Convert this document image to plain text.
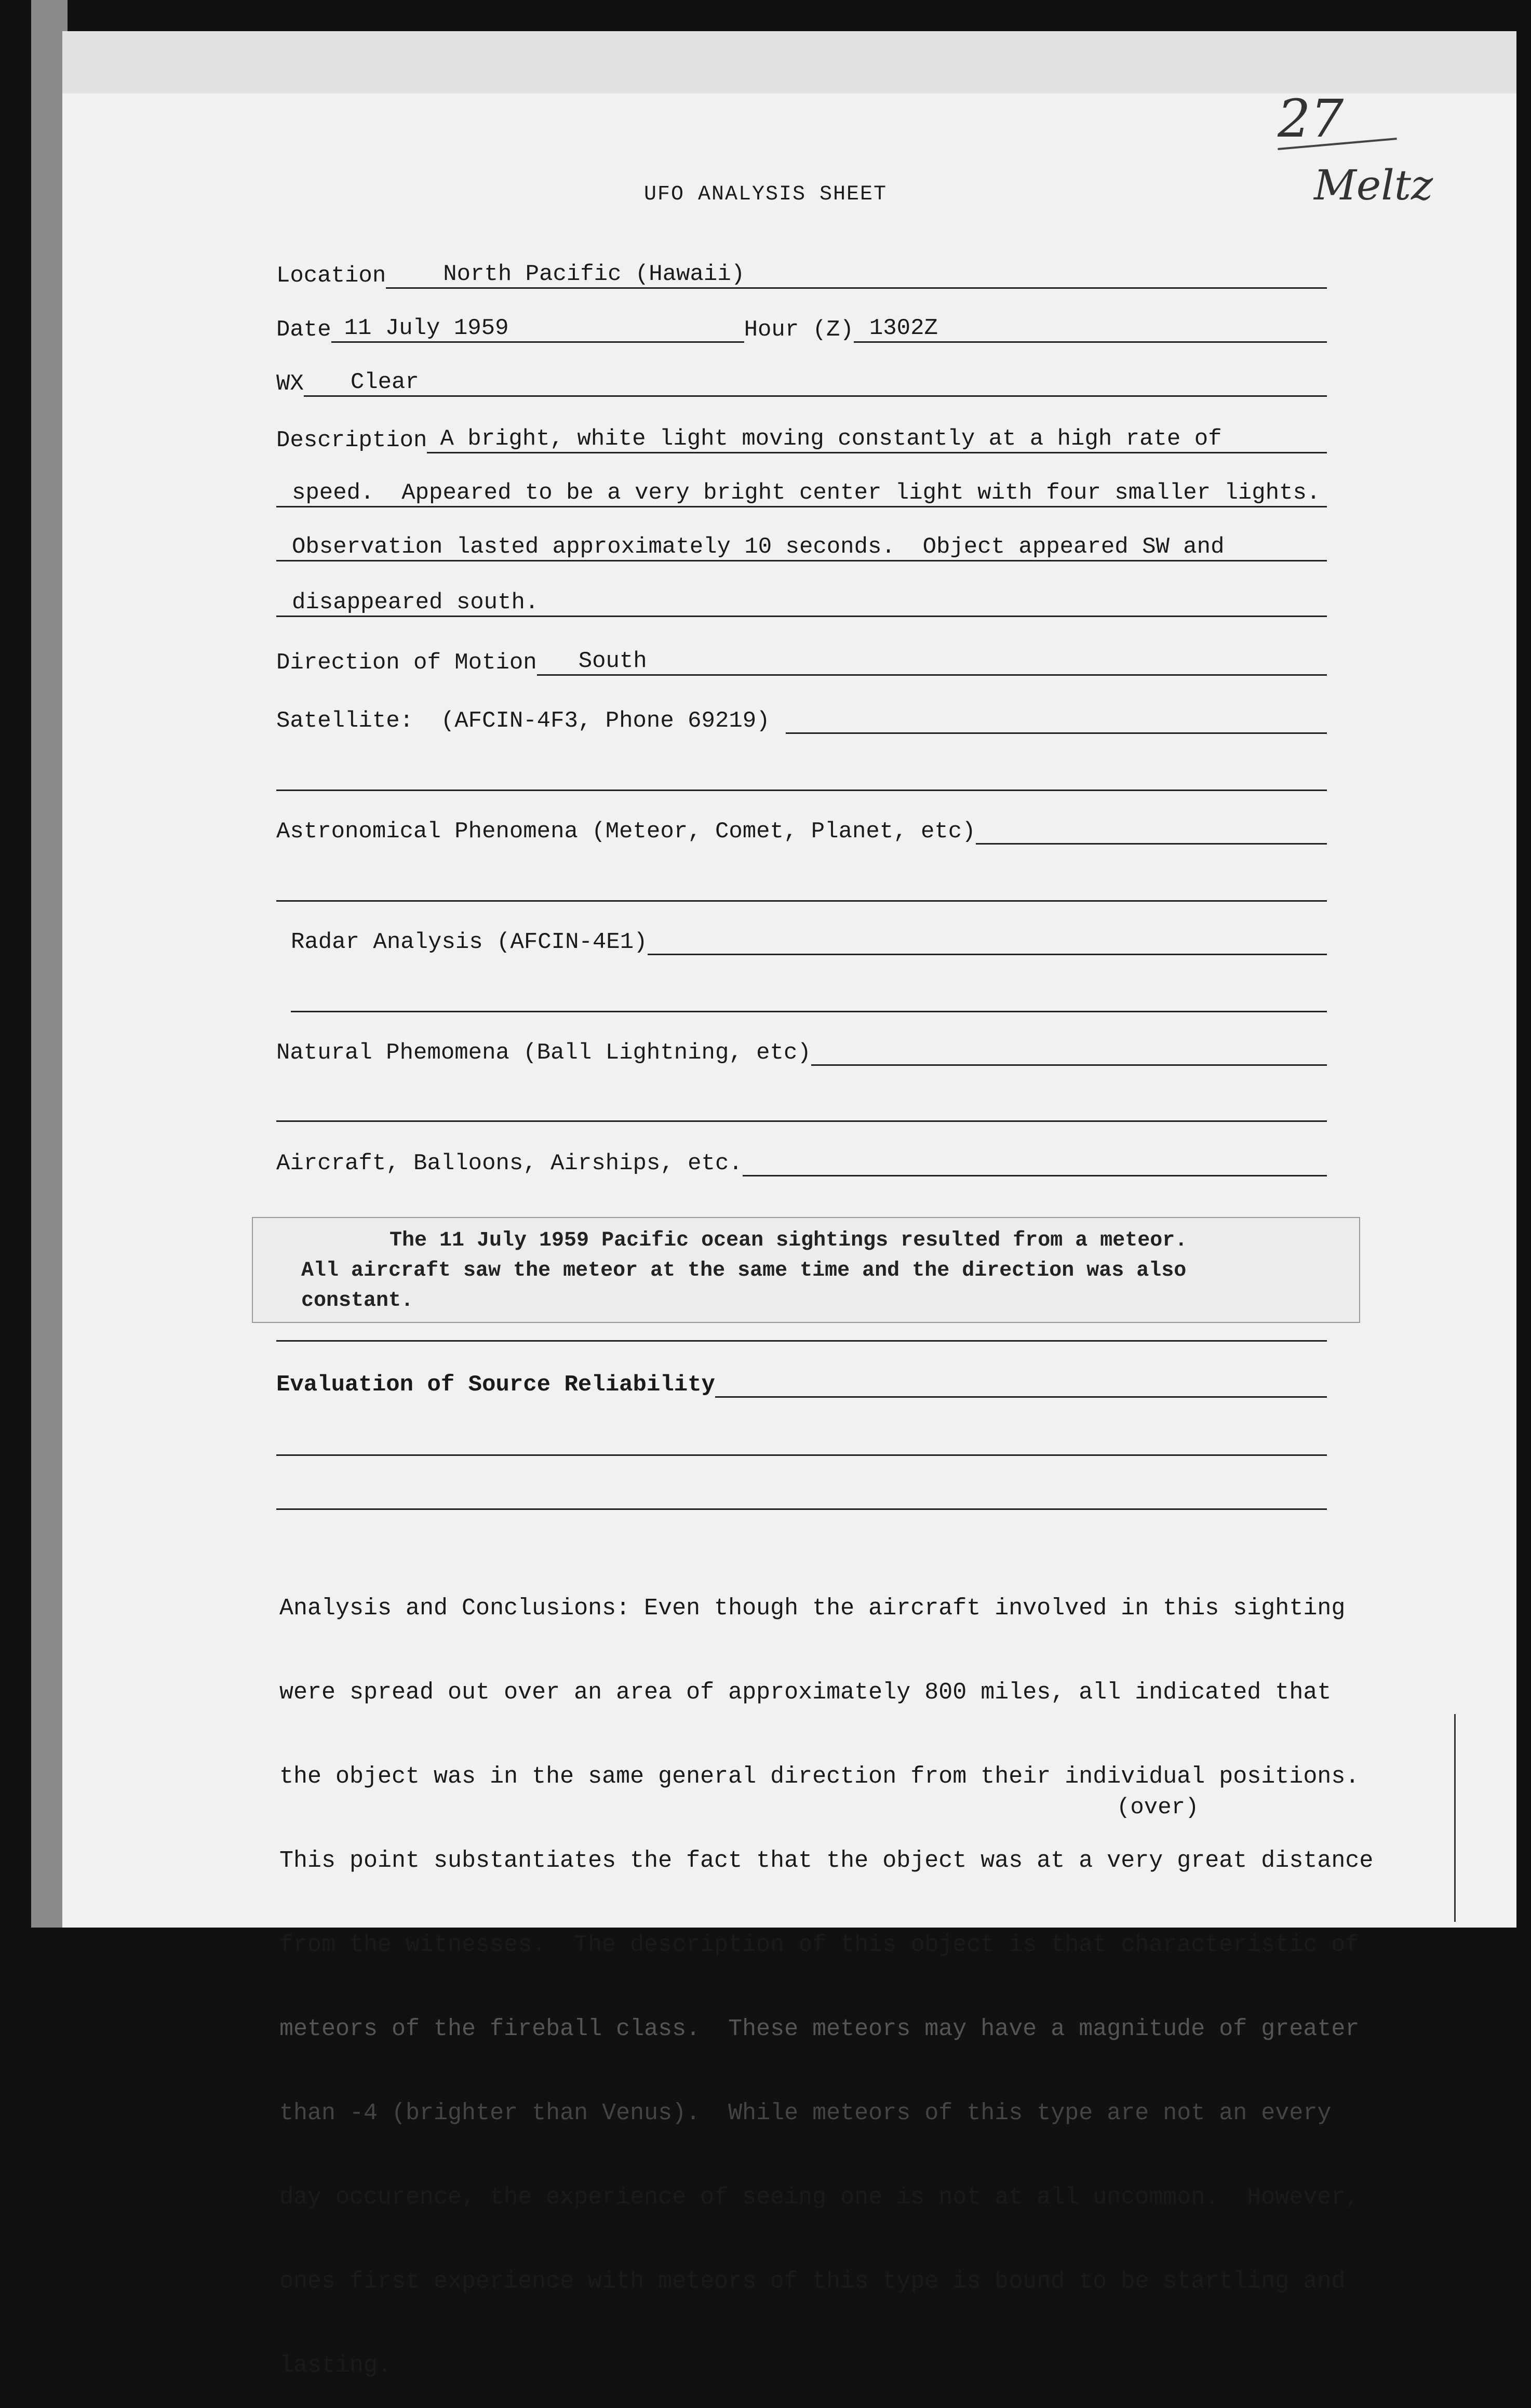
27
Meltz
UFO ANALYSIS SHEET
Location	North Pacific (Hawaii)
Date 11 July 1959	Hour (Z) 1302Z
WX	Clear
Description A bright, white light moving constantly at a high rate of
speed.  Appeared to be a very bright center light with four smaller lights.
Observation lasted approximately 10 seconds.  Object appeared SW and
disappeared south.
Direction of Motion	South
Satellite:  (AFCIN-4F3, Phone 69219)
Astronomical Phenomena (Meteor, Comet, Planet, etc)
Radar Analysis (AFCIN-4E1)
Natural Phemomena (Ball Lightning, etc)
Aircraft, Balloons, Airships, etc.
The 11 July 1959 Pacific ocean sightings resulted from a meteor.
All aircraft saw the meteor at the same time and the direction was also
constant.
Evaluation of Source Reliability

Analysis and Conclusions: Even though the aircraft involved in this sighting

were spread out over an area of approximately 800 miles, all indicated that

the object was in the same general direction from their individual positions.

This point substantiates the fact that the object was at a very great distance

from the witnesses.  The description of this object is that characteristic of

meteors of the fireball class.  These meteors may have a magnitude of greater

than -4 (brighter than Venus).  While meteors of this type are not an every

day occurence, the experience of seeing one is not at all uncommon.  However,

ones first experience with meteors of this type is bound to be startling and

lasting.

(over)
